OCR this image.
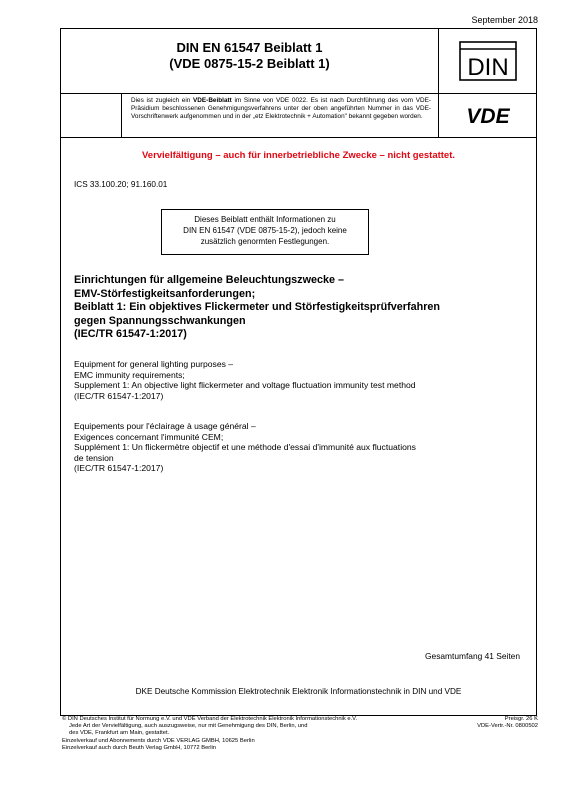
September 2018
DIN EN 61547 Beiblatt 1
(VDE 0875-15-2 Beiblatt 1)	DIN
VDE
Dies ist zugleich ein VDE-Beiblatt im Sinne von VDE 0022. Es ist nach Durchführung des vom VDE-Präsidium beschlossenen Genehmigungsverfahrens unter der oben angeführten Nummer in das VDE-Vorschriftenwerk aufgenommen und in der „etz Elektrotechnik + Automation" bekannt gegeben worden.
Vervielfältigung – auch für innerbetriebliche Zwecke – nicht gestattet.
ICS 33.100.20; 91.160.01
Dieses Beiblatt enthält Informationen zu
DIN EN 61547 (VDE 0875-15-2), jedoch keine
zusätzlich genormten Festlegungen.
Einrichtungen für allgemeine Beleuchtungszwecke –
EMV-Störfestigkeitsanforderungen;
Beiblatt 1: Ein objektives Flickermeter und Störfestigkeitsprüfverfahren
gegen Spannungsschwankungen
(IEC/TR 61547-1:2017)
Equipment for general lighting purposes –
EMC immunity requirements;
Supplement 1: An objective light flickermeter and voltage fluctuation immunity test method
(IEC/TR 61547-1:2017)
Equipements pour l'éclairage à usage général –
Exigences concernant l'immunité CEM;
Supplément 1: Un flickermètre objectif et une méthode d'essai d'immunité aux fluctuations
de tension
(IEC/TR 61547-1:2017)
Gesamtumfang 41 Seiten
DKE Deutsche Kommission Elektrotechnik Elektronik Informationstechnik in DIN und VDE
© DIN Deutsches Institut für Normung e.V. und VDE Verband der Elektrotechnik Elektronik Informationstechnik e.V.
Jede Art der Vervielfältigung, auch auszugsweise, nur mit Genehmigung des DIN, Berlin, und
des VDE, Frankfurt am Main, gestattet.
Einzelverkauf und Abonnements durch VDE VERLAG GMBH, 10625 Berlin
Einzelverkauf auch durch Beuth Verlag GmbH, 10772 Berlin
Preisgr. 26 K
VDE-Vertr.-Nr. 0800502
